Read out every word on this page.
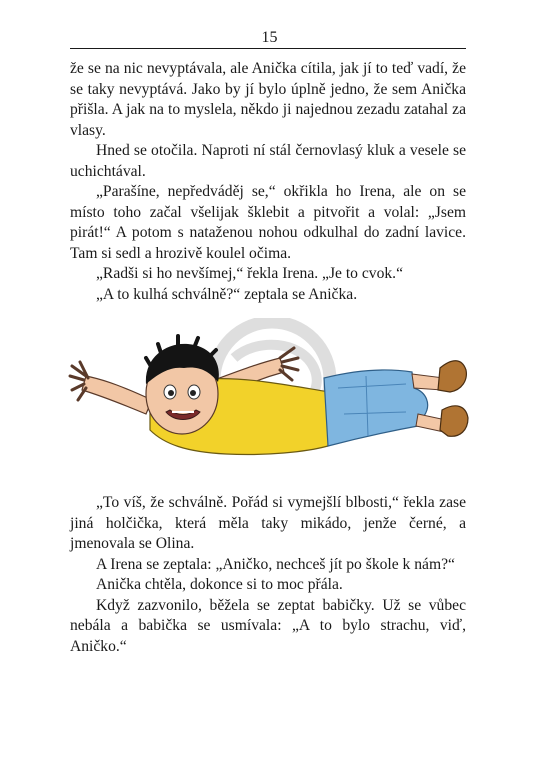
15

že se na nic nevyptávala, ale Anička cítila, jak jí to teď vadí, že se taky nevyptává. Jako by jí bylo úplně jedno, že sem Anička přišla. A jak na to myslela, někdo ji najednou zezadu zatahal za vlasy.

Hned se otočila. Naproti ní stál černovlasý kluk a vesele se uchichtával.

„Parašíne, nepředváděj se,“ okřikla ho Irena, ale on se místo toho začal všelijak šklebit a pitvořit a volal: „Jsem pirát!“ A potom s nataženou nohou odkulhal do zadní lavice. Tam si sedl a hrozivě koulel očima.

„Radši si ho nevšímej,“ řekla Irena. „Je to cvok.“

„A to kulhá schválně?“ zeptala se Anička.

„To víš, že schválně. Pořád si vymejšlí blbosti,“ řekla zase jiná holčička, která měla taky mikádo, jenže černé, a jmenovala se Olina.

A Irena se zeptala: „Aničko, nechceš jít po škole k nám?“

Anička chtěla, dokonce si to moc přála.

Když zazvonilo, běžela se zeptat babičky. Už se vůbec nebála a babička se usmívala: „A to bylo strachu, viď, Aničko.“
